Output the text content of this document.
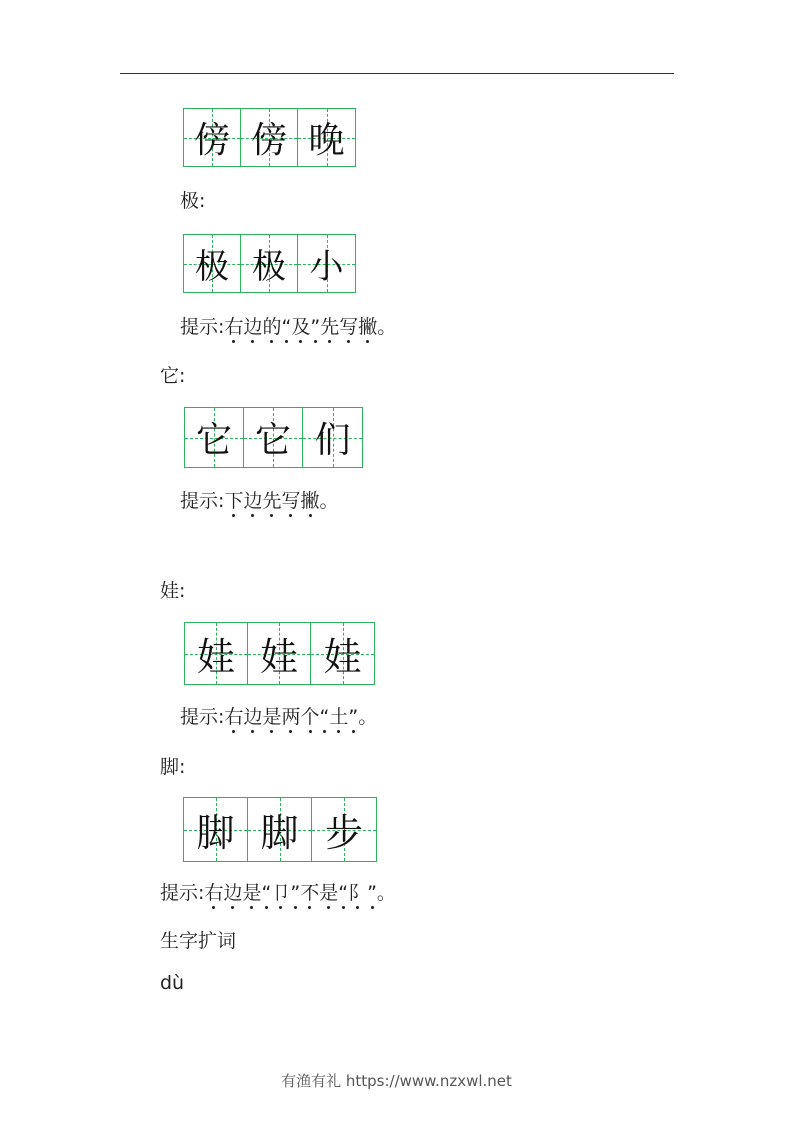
傍 傍 晚
极:
极 极 小
提示:右边的“及”先写撇。
它:
它 它 们
提示:下边先写撇。
娃:
娃 娃 娃
提示:右边是两个“土”。
脚:
脚 脚 步
提示:右边是“卩”不是“阝”。
生字扩词
dù
有渔有礼 https://www.nzxwl.net
